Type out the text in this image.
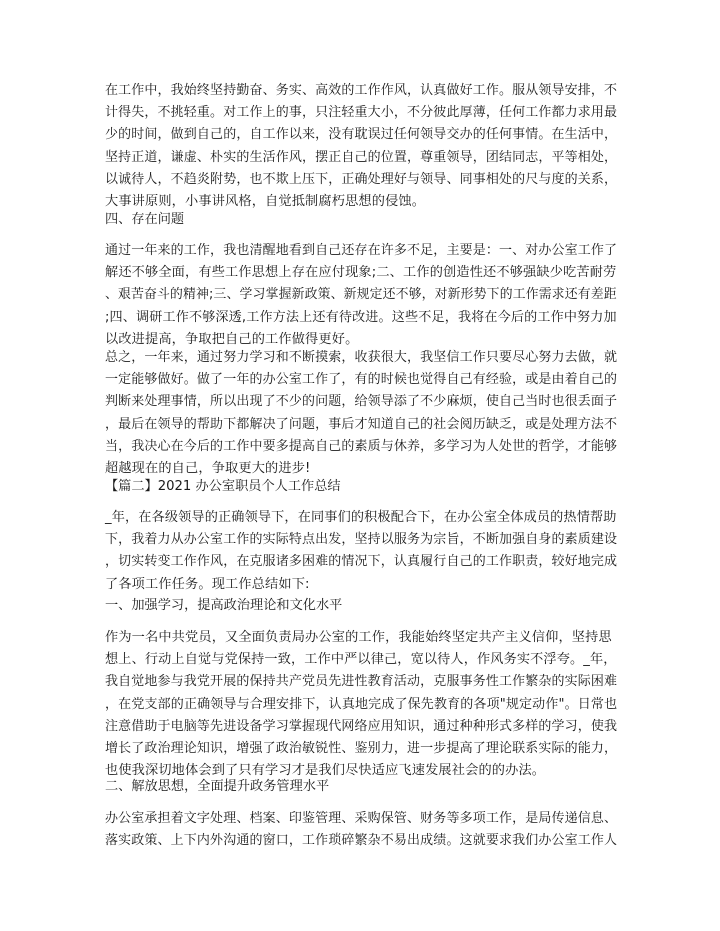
在工作中，我始终坚持勤奋、务实、高效的工作作风，认真做好工作。服从领导安排，不
计得失，不挑轻重。对工作上的事，只注轻重大小，不分彼此厚薄，任何工作都力求用最
少的时间，做到自己的，自工作以来，没有耽误过任何领导交办的任何事情。在生活中，
坚持正道，谦虚、朴实的生活作风，摆正自己的位置，尊重领导，团结同志，平等相处，
以诚待人，不趋炎附势，也不欺上压下，正确处理好与领导、同事相处的尺与度的关系，
大事讲原则，小事讲风格，自觉抵制腐朽思想的侵蚀。
四、存在问题
通过一年来的工作，我也清醒地看到自己还存在许多不足，主要是：一、对办公室工作了
解还不够全面，有些工作思想上存在应付现象;二、工作的创造性还不够强缺少吃苦耐劳
、艰苦奋斗的精神;三、学习掌握新政策、新规定还不够，对新形势下的工作需求还有差距
;四、调研工作不够深透,工作方法上还有待改进。这些不足，我将在今后的工作中努力加
以改进提高，争取把自己的工作做得更好。
总之，一年来，通过努力学习和不断摸索，收获很大，我坚信工作只要尽心努力去做，就
一定能够做好。做了一年的办公室工作了，有的时候也觉得自己有经验，或是由着自己的
判断来处理事情，所以出现了不少的问题，给领导添了不少麻烦，使自己当时也很丢面子
，最后在领导的帮助下都解决了问题，事后才知道自己的社会阅历缺乏，或是处理方法不
当，我决心在今后的工作中要多提高自己的素质与休养，多学习为人处世的哲学，才能够
超越现在的自己，争取更大的进步!
【篇二】2021 办公室职员个人工作总结
_年，在各级领导的正确领导下，在同事们的积极配合下，在办公室全体成员的热情帮助
下，我着力从办公室工作的实际特点出发，坚持以服务为宗旨，不断加强自身的素质建设
，切实转变工作作风，在克服诸多困难的情况下，认真履行自己的工作职责，较好地完成
了各项工作任务。现工作总结如下:
一、加强学习，提高政治理论和文化水平
作为一名中共党员，又全面负责局办公室的工作，我能始终坚定共产主义信仰，坚持思
想上、行动上自觉与党保持一致，工作中严以律己，宽以待人，作风务实不浮夸。_年，
我自觉地参与我党开展的保持共产党员先进性教育活动，克服事务性工作繁杂的实际困难
，在党支部的正确领导与合理安排下，认真地完成了保先教育的各项"规定动作"。日常也
注意借助于电脑等先进设备学习掌握现代网络应用知识，通过种种形式多样的学习，使我
增长了政治理论知识，增强了政治敏锐性、鉴别力，进一步提高了理论联系实际的能力，
也使我深切地体会到了只有学习才是我们尽快适应飞速发展社会的的办法。
二、解放思想，全面提升政务管理水平
办公室承担着文字处理、档案、印鉴管理、采购保管、财务等多项工作，是局传递信息、
落实政策、上下内外沟通的窗口，工作琐碎繁杂不易出成绩。这就要求我们办公室工作人
